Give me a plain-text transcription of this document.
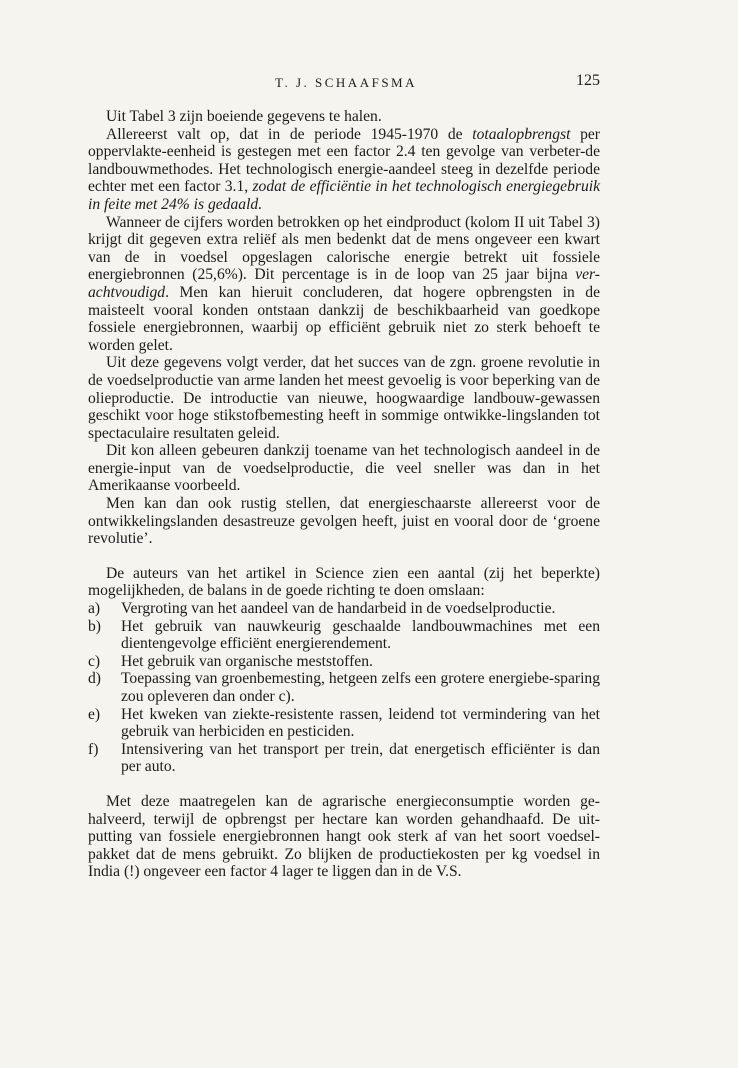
T. J. SCHAAFSMA	125

Uit Tabel 3 zijn boeiende gegevens te halen.

Allereerst valt op, dat in de periode 1945-1970 de totaalopbrengst per oppervlakte-eenheid is gestegen met een factor 2.4 ten gevolge van verbeter-de landbouwmethodes. Het technologisch energie-aandeel steeg in dezelfde periode echter met een factor 3.1, zodat de efficiëntie in het technologisch energiegebruik in feite met 24% is gedaald.

Wanneer de cijfers worden betrokken op het eindproduct (kolom II uit Tabel 3) krijgt dit gegeven extra reliëf als men bedenkt dat de mens ongeveer een kwart van de in voedsel opgeslagen calorische energie betrekt uit fossiele energiebronnen (25,6%). Dit percentage is in de loop van 25 jaar bijna ver-achtvoudigd. Men kan hieruit concluderen, dat hogere opbrengsten in de maisteelt vooral konden ontstaan dankzij de beschikbaarheid van goedkope fossiele energiebronnen, waarbij op efficiënt gebruik niet zo sterk behoeft te worden gelet.

Uit deze gegevens volgt verder, dat het succes van de zgn. groene revolutie in de voedselproductie van arme landen het meest gevoelig is voor beperking van de olieproductie. De introductie van nieuwe, hoogwaardige landbouw-gewassen geschikt voor hoge stikstofbemesting heeft in sommige ontwikke-lingslanden tot spectaculaire resultaten geleid.

Dit kon alleen gebeuren dankzij toename van het technologisch aandeel in de energie-input van de voedselproductie, die veel sneller was dan in het Amerikaanse voorbeeld.

Men kan dan ook rustig stellen, dat energieschaarste allereerst voor de ontwikkelingslanden desastreuze gevolgen heeft, juist en vooral door de ‘groene revolutie’.

De auteurs van het artikel in Science zien een aantal (zij het beperkte) mogelijkheden, de balans in de goede richting te doen omslaan:

a) Vergroting van het aandeel van de handarbeid in de voedselproductie.
b) Het gebruik van nauwkeurig geschaalde landbouwmachines met een dientengevolge efficiënt energierendement.
c) Het gebruik van organische meststoffen.
d) Toepassing van groenbemesting, hetgeen zelfs een grotere energiebe-sparing zou opleveren dan onder c).
e) Het kweken van ziekte-resistente rassen, leidend tot vermindering van het gebruik van herbiciden en pesticiden.
f) Intensivering van het transport per trein, dat energetisch efficiënter is dan per auto.

Met deze maatregelen kan de agrarische energieconsumptie worden ge-halveerd, terwijl de opbrengst per hectare kan worden gehandhaafd. De uit-putting van fossiele energiebronnen hangt ook sterk af van het soort voedsel-pakket dat de mens gebruikt. Zo blijken de productiekosten per kg voedsel in India (!) ongeveer een factor 4 lager te liggen dan in de V.S.
